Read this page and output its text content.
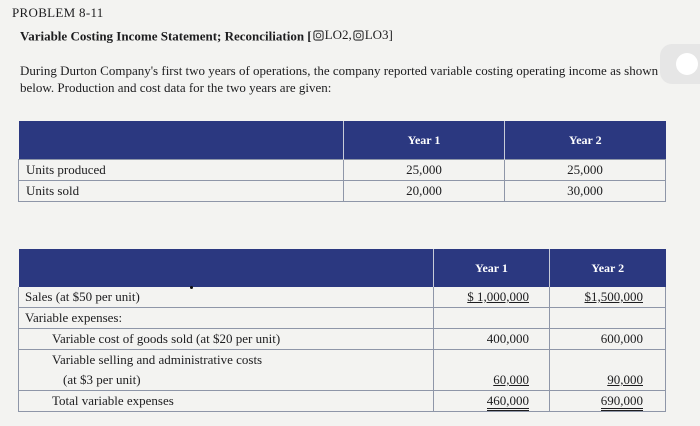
PROBLEM 8-11
Variable Costing Income Statement; Reconciliation [ LO2, LO3]
During Durton Company's first two years of operations, the company reported variable costing operating income as shown below. Production and cost data for the two years are given:
	Year 1	Year 2
Units produced	25,000	25,000
Units sold	20,000	30,000
	Year 1	Year 2
Sales (at $50 per unit)	$ 1,000,000	$1,500,000
Variable expenses:		
Variable cost of goods sold (at $20 per unit)	400,000	600,000
Variable selling and administrative costs		
(at $3 per unit)	60,000	90,000
Total variable expenses	460,000	690,000
